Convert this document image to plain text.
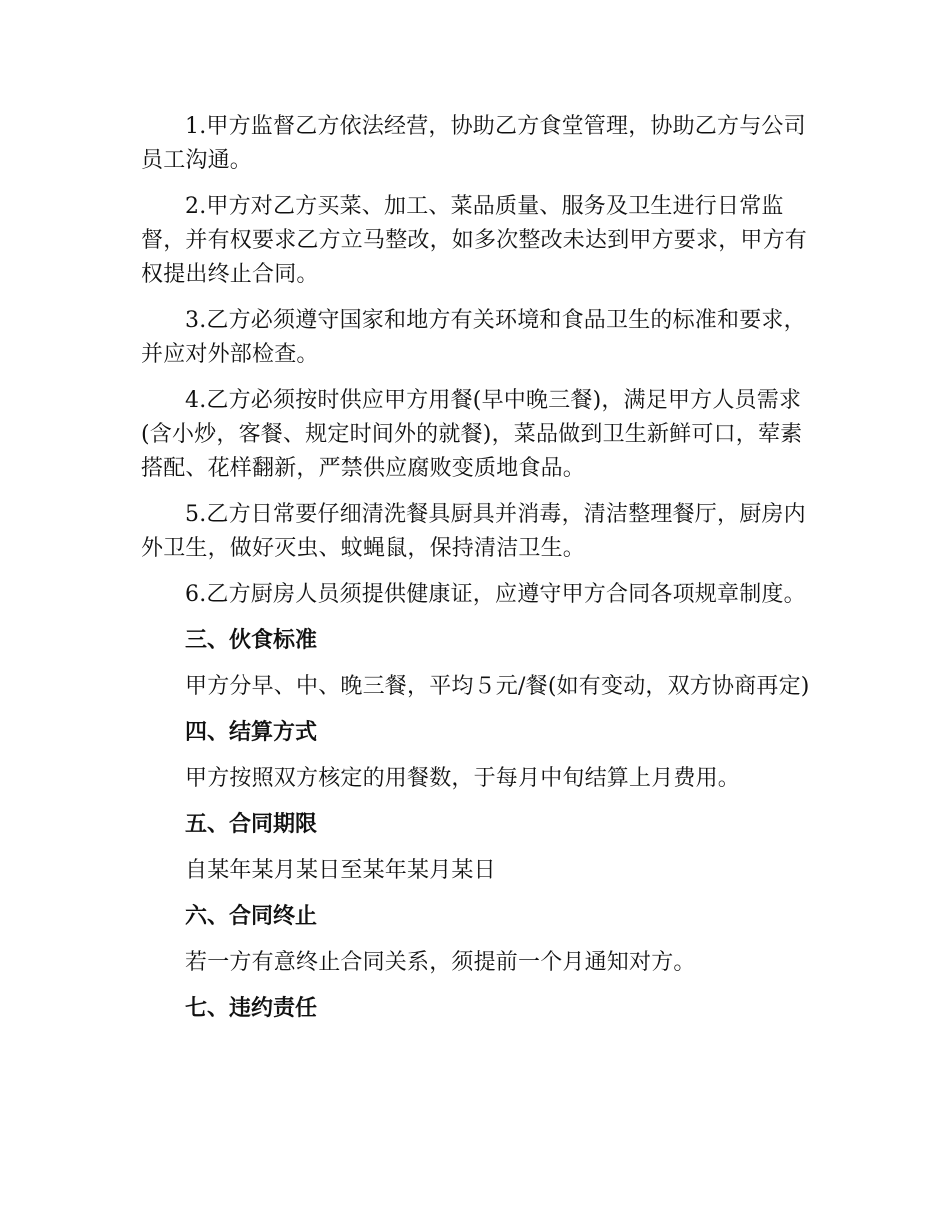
1.甲方监督乙方依法经营，协助乙方食堂管理，协助乙方与公司员工沟通。

2.甲方对乙方买菜、加工、菜品质量、服务及卫生进行日常监督，并有权要求乙方立马整改，如多次整改未达到甲方要求，甲方有权提出终止合同。

3.乙方必须遵守国家和地方有关环境和食品卫生的标准和要求，并应对外部检查。

4.乙方必须按时供应甲方用餐(早中晚三餐)，满足甲方人员需求(含小炒，客餐、规定时间外的就餐)，菜品做到卫生新鲜可口，荤素搭配、花样翻新，严禁供应腐败变质地食品。

5.乙方日常要仔细清洗餐具厨具并消毒，清洁整理餐厅，厨房内外卫生，做好灭虫、蚊蝇鼠，保持清洁卫生。

6.乙方厨房人员须提供健康证，应遵守甲方合同各项规章制度。

三、伙食标准

甲方分早、中、晚三餐，平均５元/餐(如有变动，双方协商再定)

四、结算方式

甲方按照双方核定的用餐数，于每月中旬结算上月费用。

五、合同期限

自某年某月某日至某年某月某日

六、合同终止

若一方有意终止合同关系，须提前一个月通知对方。

七、违约责任
